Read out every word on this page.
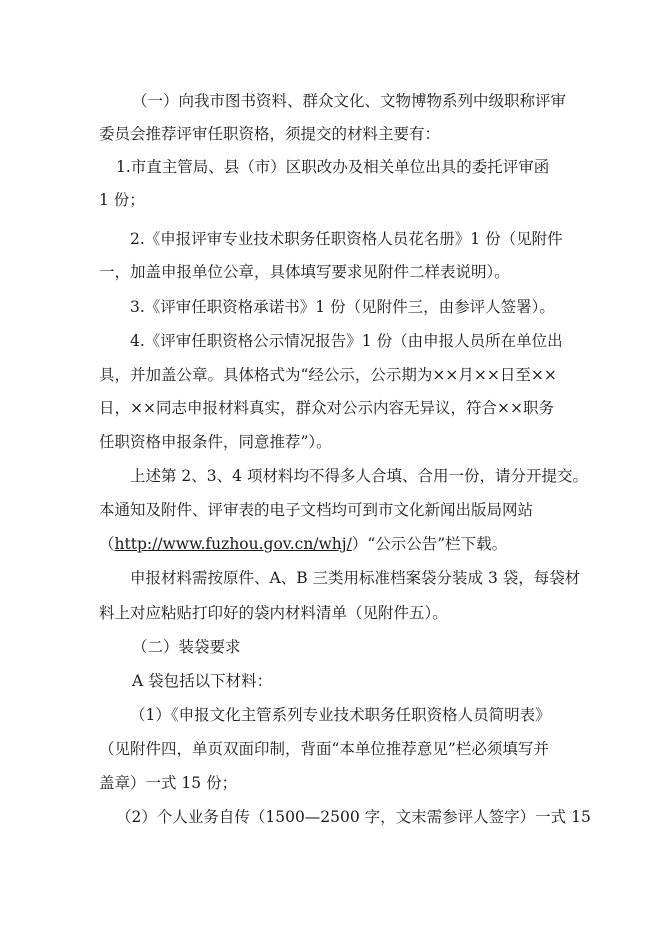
（一）向我市图书资料、群众文化、文物博物系列中级职称评审
委员会推荐评审任职资格，须提交的材料主要有：
1.市直主管局、县（市）区职改办及相关单位出具的委托评审函
1 份；
2.《申报评审专业技术职务任职资格人员花名册》1 份（见附件
一，加盖申报单位公章，具体填写要求见附件二样表说明）。
3.《评审任职资格承诺书》1 份（见附件三，由参评人签署）。
4.《评审任职资格公示情况报告》1 份（由申报人员所在单位出
具，并加盖公章。具体格式为“经公示，公示期为××月××日至××
日，××同志申报材料真实，群众对公示内容无异议，符合××职务
任职资格申报条件，同意推荐”）。
上述第 2、3、4 项材料均不得多人合填、合用一份，请分开提交。
本通知及附件、评审表的电子文档均可到市文化新闻出版局网站
（http://www.fuzhou.gov.cn/whj/）“公示公告”栏下载。
申报材料需按原件、A、B 三类用标准档案袋分装成 3 袋，每袋材
料上对应粘贴打印好的袋内材料清单（见附件五）。
（二）装袋要求
A 袋包括以下材料：
（1）《申报文化主管系列专业技术职务任职资格人员简明表》
（见附件四，单页双面印制，背面“本单位推荐意见”栏必须填写并
盖章）一式 15 份；
（2）个人业务自传（1500—2500 字，文末需参评人签字）一式 15
